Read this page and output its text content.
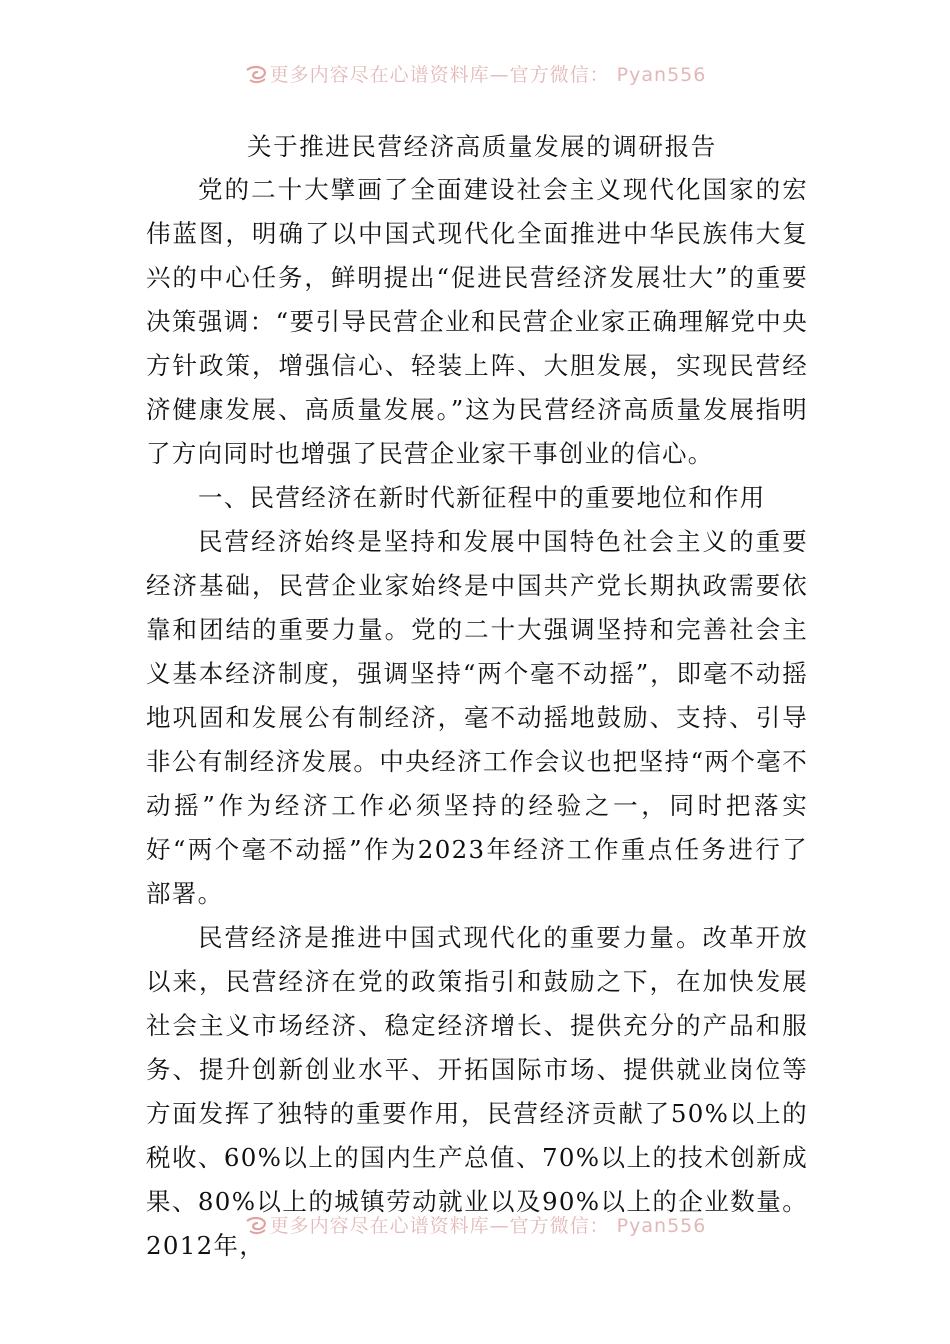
更多内容尽在心谱资料库—官方微信： Pyan556
关于推进民营经济高质量发展的调研报告

党的二十大擘画了全面建设社会主义现代化国家的宏伟蓝图，明确了以中国式现代化全面推进中华民族伟大复兴的中心任务，鲜明提出“促进民营经济发展壮大”的重要决策强调：“要引导民营企业和民营企业家正确理解党中央方针政策，增强信心、轻装上阵、大胆发展，实现民营经济健康发展、高质量发展。”这为民营经济高质量发展指明了方向同时也增强了民营企业家干事创业的信心。

一、民营经济在新时代新征程中的重要地位和作用

民营经济始终是坚持和发展中国特色社会主义的重要经济基础，民营企业家始终是中国共产党长期执政需要依靠和团结的重要力量。党的二十大强调坚持和完善社会主义基本经济制度，强调坚持“两个毫不动摇”，即毫不动摇地巩固和发展公有制经济，毫不动摇地鼓励、支持、引导非公有制经济发展。中央经济工作会议也把坚持“两个毫不动摇”作为经济工作必须坚持的经验之一，同时把落实好“两个毫不动摇”作为2023年经济工作重点任务进行了部署。

民营经济是推进中国式现代化的重要力量。改革开放以来，民营经济在党的政策指引和鼓励之下，在加快发展社会主义市场经济、稳定经济增长、提供充分的产品和服务、提升创新创业水平、开拓国际市场、提供就业岗位等方面发挥了独特的重要作用，民营经济贡献了50%以上的税收、60%以上的国内生产总值、70%以上的技术创新成果、80%以上的城镇劳动就业以及90%以上的企业数量。2012年，

更多内容尽在心谱资料库—官方微信： Pyan556
